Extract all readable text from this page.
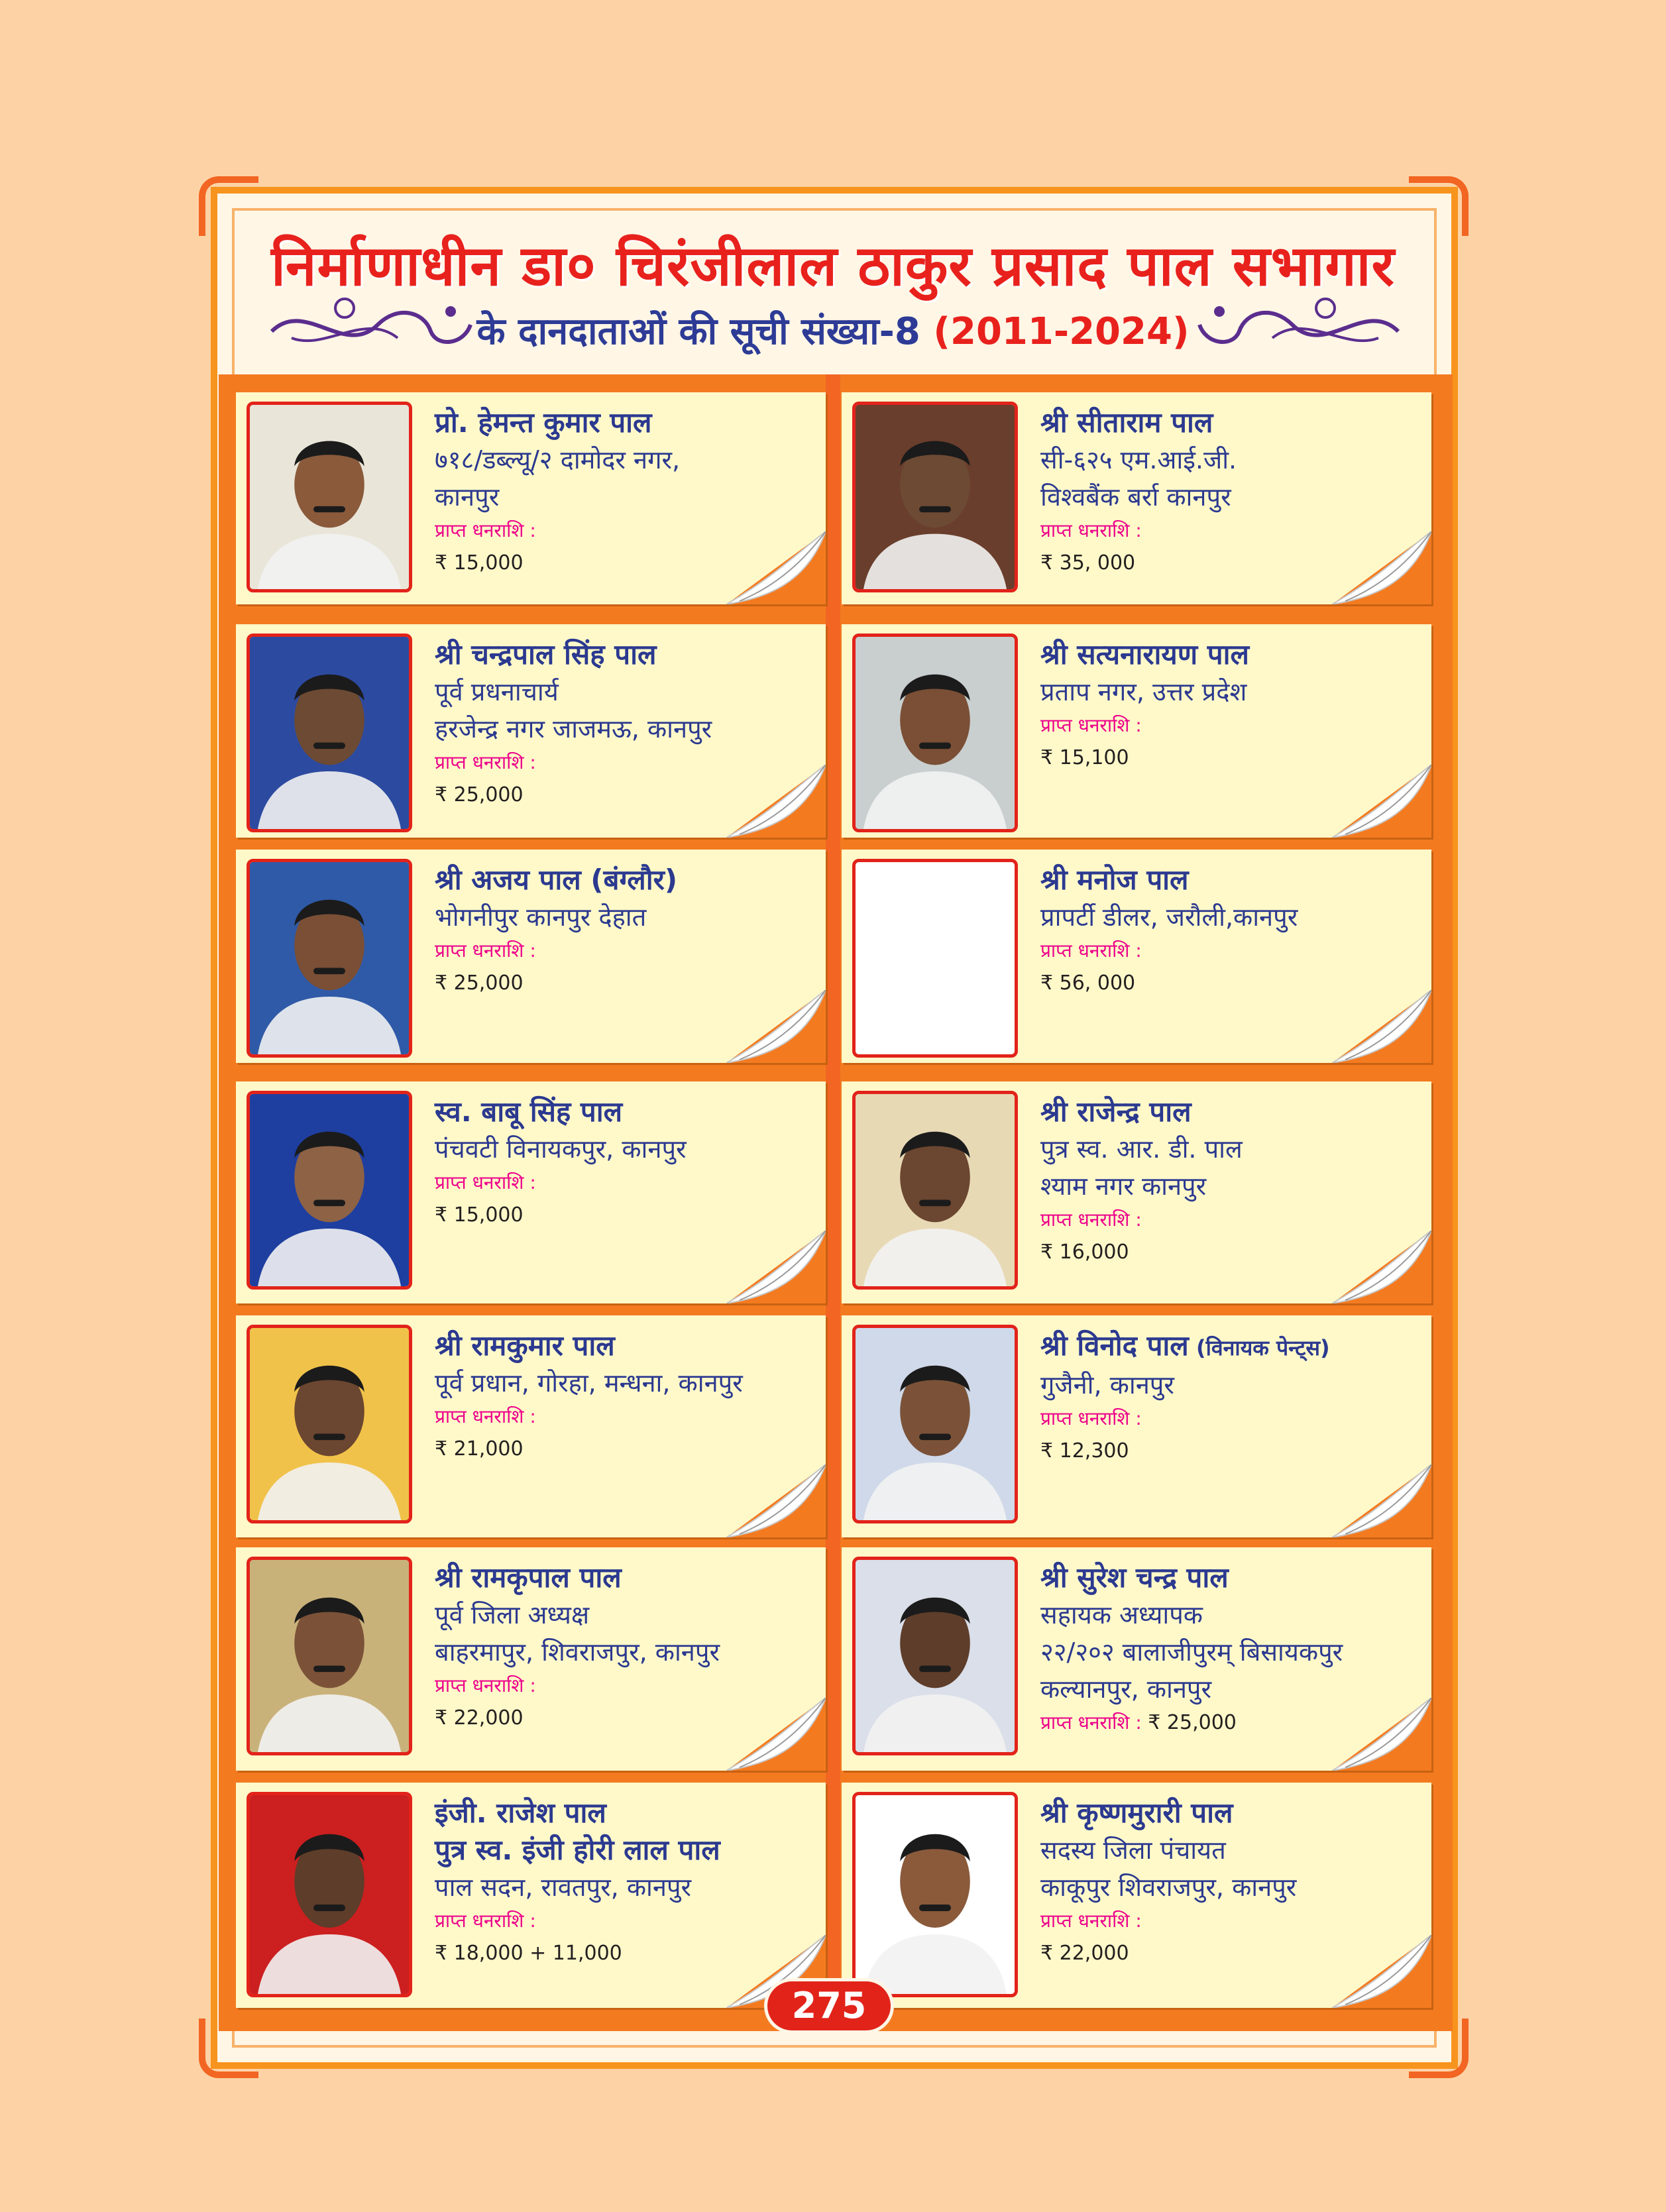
निर्माणाधीन डा० चिरंजीलाल ठाकुर प्रसाद पाल सभागार
के दानदाताओं की सूची संख्या-8 (2011-2024)
प्रो. हेमन्त कुमार पाल
७१८/डब्ल्यू/२ दामोदर नगर,
कानपुर
प्राप्त धनराशि :
₹ 15,000
श्री चन्द्रपाल सिंह पाल
पूर्व प्रधनाचार्य
हरजेन्द्र नगर जाजमऊ, कानपुर
प्राप्त धनराशि :
₹ 25,000
श्री अजय पाल (बंग्लौर)
भोगनीपुर कानपुर देहात
प्राप्त धनराशि :
₹ 25,000
स्व. बाबू सिंह पाल
पंचवटी विनायकपुर, कानपुर
प्राप्त धनराशि :
₹ 15,000
श्री रामकुमार पाल
पूर्व प्रधान, गोरहा, मन्धना, कानपुर
प्राप्त धनराशि :
₹ 21,000
श्री रामकृपाल पाल
पूर्व जिला अध्यक्ष
बाहरमापुर, शिवराजपुर, कानपुर
प्राप्त धनराशि :
₹ 22,000
इंजी. राजेश पाल
पुत्र स्व. इंजी होरी लाल पाल
पाल सदन, रावतपुर, कानपुर
प्राप्त धनराशि :
₹ 18,000 + 11,000
श्री सीताराम पाल
सी-६२५ एम.आई.जी.
विश्वबैंक बर्रा कानपुर
प्राप्त धनराशि :
₹ 35, 000
श्री सत्यनारायण पाल
प्रताप नगर, उत्तर प्रदेश
प्राप्त धनराशि :
₹ 15,100
श्री मनोज पाल
प्रापर्टी डीलर, जरौली,कानपुर
प्राप्त धनराशि :
₹ 56, 000
श्री राजेन्द्र पाल
पुत्र स्व. आर. डी. पाल
श्याम नगर कानपुर
प्राप्त धनराशि :
₹ 16,000
श्री विनोद पाल (विनायक पेन्ट्स)
गुजैनी, कानपुर
प्राप्त धनराशि :
₹ 12,300
श्री सुरेश चन्द्र पाल
सहायक अध्यापक
२२/२०२ बालाजीपुरम् बिसायकपुर
कल्यानपुर, कानपुर
प्राप्त धनराशि : ₹ 25,000
श्री कृष्णमुरारी पाल
सदस्य जिला पंचायत
काकूपुर शिवराजपुर, कानपुर
प्राप्त धनराशि :
₹ 22,000
275
